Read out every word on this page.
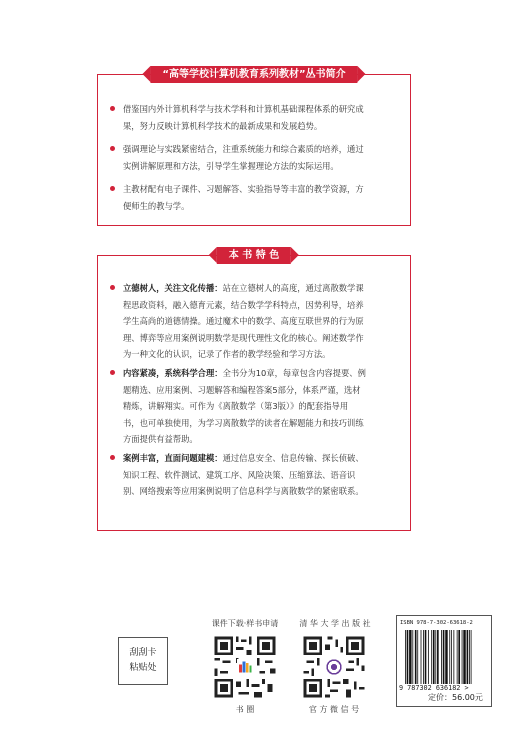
“高等学校计算机教育系列教材”丛书简介
借鉴国内外计算机科学与技术学科和计算机基础课程体系的研究成
果，努力反映计算机科学技术的最新成果和发展趋势。
强调理论与实践紧密结合，注重系统能力和综合素质的培养，通过
实例讲解原理和方法，引导学生掌握理论方法的实际运用。
主教材配有电子课件、习题解答、实验指导等丰富的教学资源，方
便师生的教与学。
本 书 特 色
立德树人，关注文化传播：站在立德树人的高度，通过离散数学课
程思政资料，融入德育元素，结合数学学科特点，因势利导，培养
学生高尚的道德情操。通过魔术中的数学、高度互联世界的行为原
理、博弈等应用案例说明数学是现代理性文化的核心。阐述数学作
为一种文化的认识，记录了作者的教学经验和学习方法。
内容紧凑，系统科学合理：全书分为10章，每章包含内容提要、例
题精选、应用案例、习题解答和编程答案5部分，体系严谨，选材
精炼，讲解翔实。可作为《离散数学（第3版）》的配套指导用
书，也可单独使用，为学习离散数学的读者在解题能力和技巧训练
方面提供有益帮助。
案例丰富，直面问题建模：通过信息安全、信息传输、探长侦破、
知识工程、软件测试、建筑工序、风险决策、压缩算法、语音识
别、网络搜索等应用案例说明了信息科学与离散数学的紧密联系。
刮刮卡
粘贴处
课件下载·样书申请
书 圈
清 华 大 学 出 版 社
官 方 微 信 号
ISBN 978-7-302-63618-2
9 787302 636182 >
定价：56.00元
